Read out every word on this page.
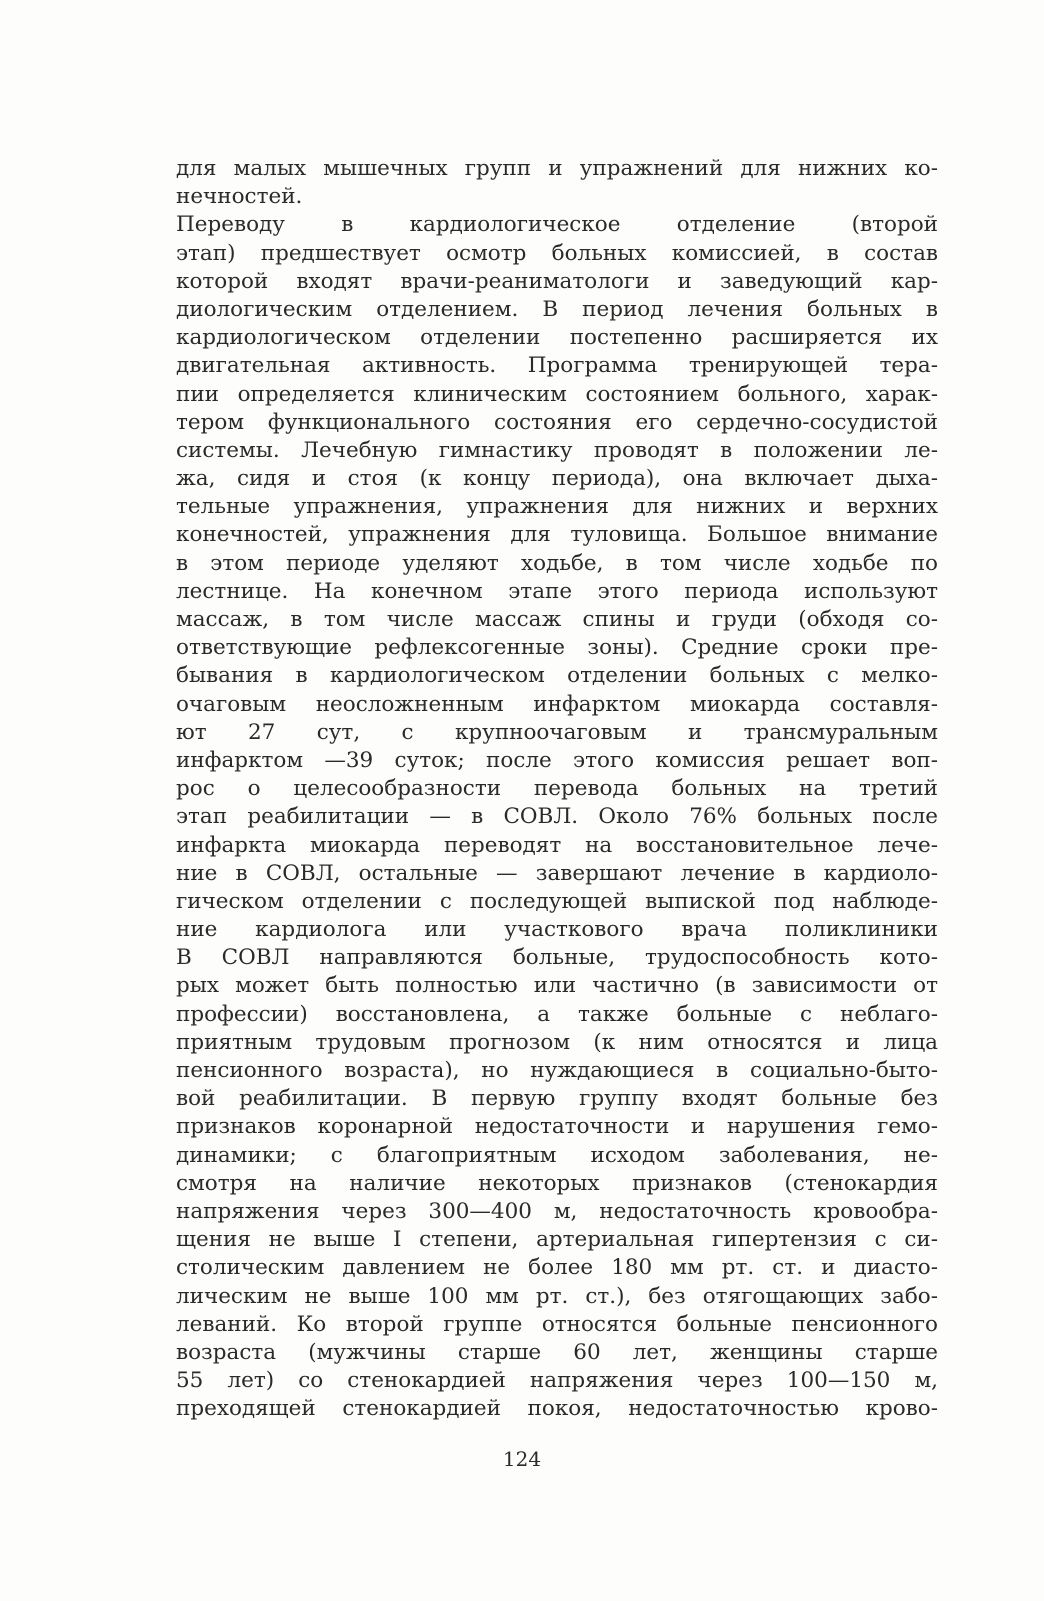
для малых мышечных групп и упражнений для нижних ко-
нечностей.
Переводу в кардиологическое отделение (второй
этап) предшествует осмотр больных комиссией, в состав
которой входят врачи-реаниматологи и заведующий кар-
диологическим отделением. В период лечения больных в
кардиологическом отделении постепенно расширяется их
двигательная активность. Программа тренирующей тера-
пии определяется клиническим состоянием больного, харак-
тером функционального состояния его сердечно-сосудистой
системы. Лечебную гимнастику проводят в положении ле-
жа, сидя и стоя (к концу периода), она включает дыха-
тельные упражнения, упражнения для нижних и верхних
конечностей, упражнения для туловища. Большое внимание
в этом периоде уделяют ходьбе, в том числе ходьбе по
лестнице. На конечном этапе этого периода используют
массаж, в том числе массаж спины и груди (обходя со-
ответствующие рефлексогенные зоны). Средние сроки пре-
бывания в кардиологическом отделении больных с мелко-
очаговым неосложненным инфарктом миокарда составля-
ют 27 сут, с крупноочаговым и трансмуральным
инфарктом —39 суток; после этого комиссия решает воп-
рос о целесообразности перевода больных на третий
этап реабилитации — в СОВЛ. Около 76% больных после
инфаркта миокарда переводят на восстановительное лече-
ние в СОВЛ, остальные — завершают лечение в кардиоло-
гическом отделении с последующей выпиской под наблюде-
ние кардиолога или участкового врача поликлиники
В СОВЛ направляются больные, трудоспособность кото-
рых может быть полностью или частично (в зависимости от
профессии) восстановлена, а также больные с неблаго-
приятным трудовым прогнозом (к ним относятся и лица
пенсионного возраста), но нуждающиеся в социально-быто-
вой реабилитации. В первую группу входят больные без
признаков коронарной недостаточности и нарушения гемо-
динамики; с благоприятным исходом заболевания, не-
смотря на наличие некоторых признаков (стенокардия
напряжения через 300—400 м, недостаточность кровообра-
щения не выше I степени, артериальная гипертензия с си-
столическим давлением не более 180 мм рт. ст. и диасто-
лическим не выше 100 мм рт. ст.), без отягощающих забо-
леваний. Ко второй группе относятся больные пенсионного
возраста (мужчины старше 60 лет, женщины старше
55 лет) со стенокардией напряжения через 100—150 м,
преходящей стенокардией покоя, недостаточностью крово-
124
